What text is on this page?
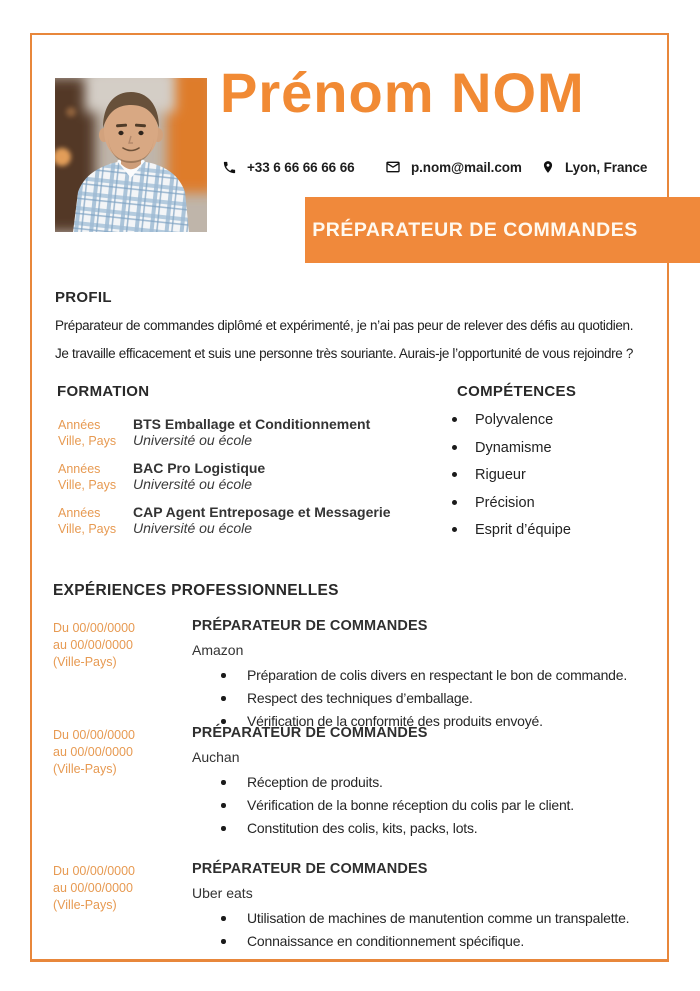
Prénom NOM
+33 6 66 66 66 66	p.nom@mail.com	Lyon, France
PRÉPARATEUR DE COMMANDES
PROFIL
Préparateur de commandes diplômé et expérimenté, je n’ai pas peur de relever des défis au quotidien.
Je travaille efficacement et suis une personne très souriante. Aurais-je l’opportunité de vous rejoindre ?
FORMATION
Années
Ville, Pays
BTS Emballage et Conditionnement
Université ou école
Années
Ville, Pays
BAC Pro Logistique
Université ou école
Années
Ville, Pays
CAP Agent Entreposage et Messagerie
Université ou école
COMPÉTENCES
Polyvalence
Dynamisme
Rigueur
Précision
Esprit d’équipe
EXPÉRIENCES PROFESSIONNELLES
Du 00/00/0000
au 00/00/0000
(Ville-Pays)
PRÉPARATEUR DE COMMANDES
Amazon
Préparation de colis divers en respectant le bon de commande.
Respect des techniques d’emballage.
Vérification de la conformité des produits envoyé.
Du 00/00/0000
au 00/00/0000
(Ville-Pays)
PRÉPARATEUR DE COMMANDES
Auchan
Réception de produits.
Vérification de la bonne réception du colis par le client.
Constitution des colis, kits, packs, lots.
Du 00/00/0000
au 00/00/0000
(Ville-Pays)
PRÉPARATEUR DE COMMANDES
Uber eats
Utilisation de machines de manutention comme un transpalette.
Connaissance en conditionnement spécifique.
